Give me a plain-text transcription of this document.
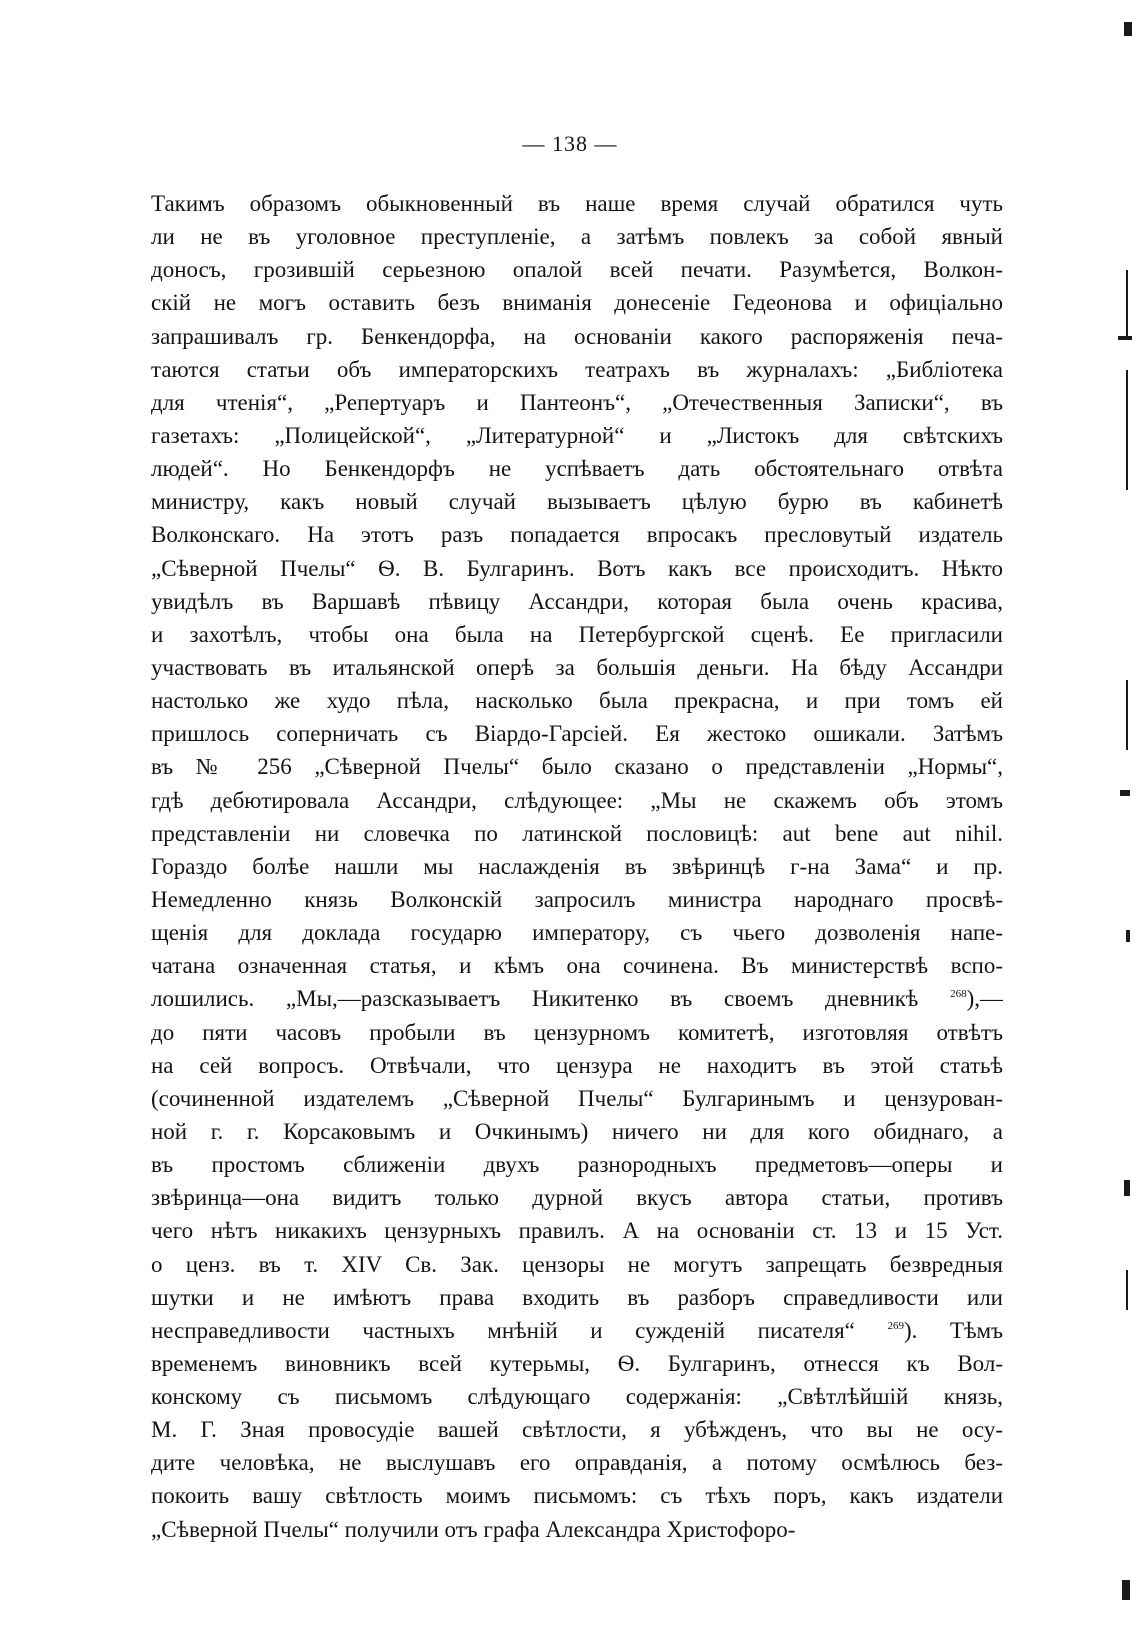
— 138 —
Такимъ образомъ обыкновенный въ наше время случай обратился чуть
ли не въ уголовное преступленіе, а затѣмъ повлекъ за собой явный
доносъ, грозившій серьезною опалой всей печати. Разумѣется, Волкон-
скій не могъ оставить безъ вниманія донесеніе Гедеонова и офиціально
запрашивалъ гр. Бенкендорфа, на основаніи какого распоряженія печа-
таются статьи объ императорскихъ театрахъ въ журналахъ: „Библіотека
для чтенія“, „Репертуаръ и Пантеонъ“, „Отечественныя Записки“, въ
газетахъ: „Полицейской“, „Литературной“ и „Листокъ для свѣтскихъ
людей“. Но Бенкендорфъ не успѣваетъ дать обстоятельнаго отвѣта
министру, какъ новый случай вызываетъ цѣлую бурю въ кабинетѣ
Волконскаго. На этотъ разъ попадается впросакъ пресловутый издатель
„Сѣверной Пчелы“ Ѳ. В. Булгаринъ. Вотъ какъ все происходитъ. Нѣкто
увидѣлъ въ Варшавѣ пѣвицу Ассандри, которая была очень красива,
и захотѣлъ, чтобы она была на Петербургской сценѣ. Ее пригласили
участвовать въ итальянской оперѣ за большія деньги. На бѣду Ассандри
настолько же худо пѣла, насколько была прекрасна, и при томъ ей
пришлось соперничать съ Віардо-Гарсіей. Ея жестоко ошикали. Затѣмъ
въ № 256 „Сѣверной Пчелы“ было сказано о представленіи „Нормы“,
гдѣ дебютировала Ассандри, слѣдующее: „Мы не скажемъ объ этомъ
представленіи ни словечка по латинской пословицѣ: aut bene aut nihil.
Гораздо болѣе нашли мы наслажденія въ звѣринцѣ г-на Зама“ и пр.
Немедленно князь Волконскій запросилъ министра народнаго просвѣ-
щенія для доклада государю императору, съ чьего дозволенія напе-
чатана означенная статья, и кѣмъ она сочинена. Въ министерствѣ вспо-
лошились. „Мы,—разсказываетъ Никитенко въ своемъ дневникѣ	$^{268}$),—
до пяти часовъ пробыли въ цензурномъ комитетѣ, изготовляя отвѣтъ
на сей вопросъ. Отвѣчали, что цензура не находитъ въ этой статьѣ
(сочиненной издателемъ „Сѣверной Пчелы“ Булгаринымъ и цензурован-
ной г. г. Корсаковымъ и Очкинымъ) ничего ни для кого обиднаго, а
въ простомъ сближеніи двухъ разнородныхъ предметовъ—оперы и
звѣринца—она видитъ только дурной вкусъ автора статьи, противъ
чего нѣтъ никакихъ цензурныхъ правилъ. А на основаніи ст. 13 и 15 Уст.
о ценз. въ т. XIV Св. Зак. цензоры не могутъ запрещать безвредныя
шутки и не имѣютъ права входить въ разборъ справедливости или
несправедливости частныхъ мнѣній и сужденій писателя“	$^{269}$). Тѣмъ
временемъ виновникъ всей кутерьмы, Ѳ. Булгаринъ, отнесся къ Вол-
конскому съ письмомъ слѣдующаго содержанія: „Свѣтлѣйшій князь,
М. Г. Зная провосудіе вашей свѣтлости, я убѣжденъ, что вы не осу-
дите человѣка, не выслушавъ его оправданія, а потому осмѣлюсь без-
покоить вашу свѣтлость моимъ письмомъ: съ тѣхъ поръ, какъ издатели
„Сѣверной Пчелы“ получили отъ графа Александра Христофоро-
